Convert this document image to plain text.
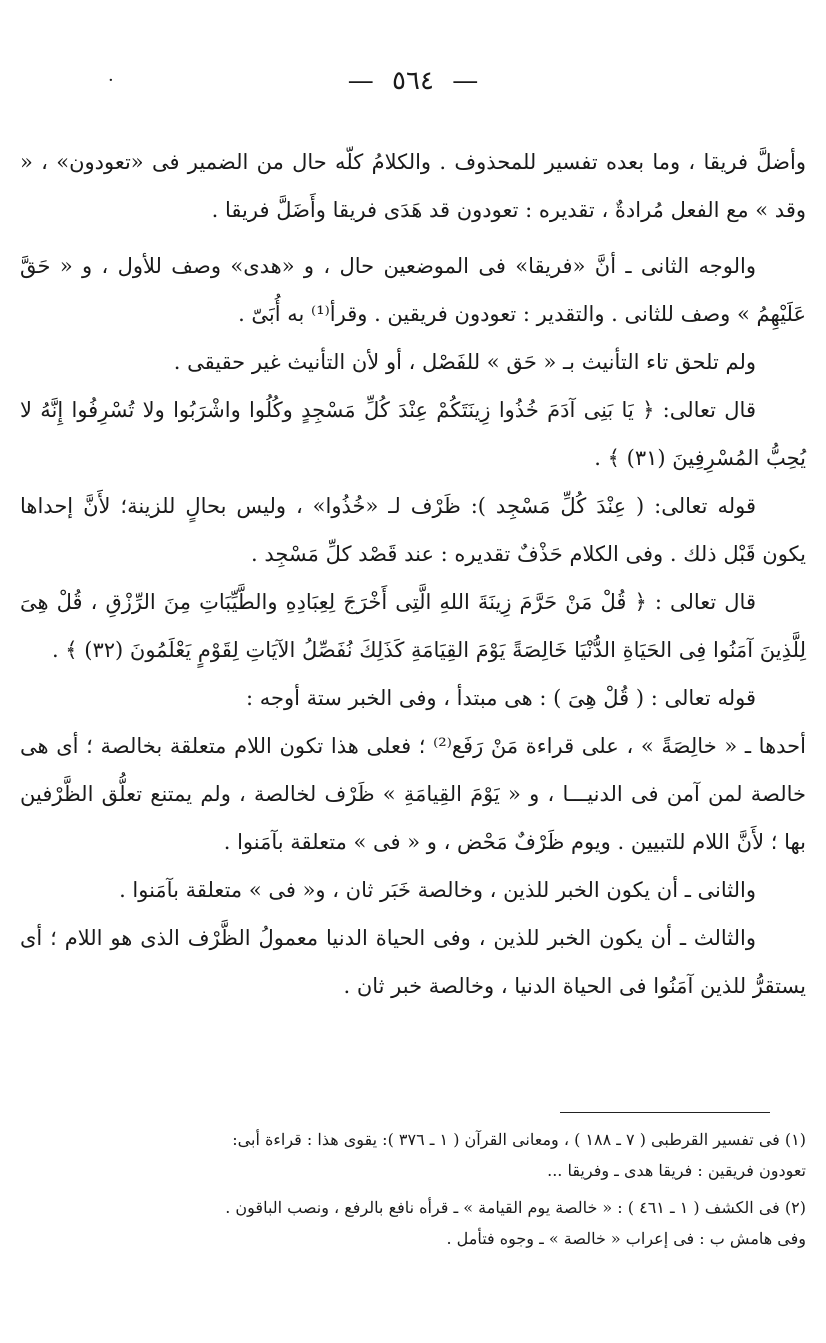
— ٥٦٤ —
·

وأضلَّ فريقا ، وما بعده تفسير للمحذوف . والكلامُ كلّه حال من الضمير فى «تعودون» ، « وقد » مع الفعل مُرادةٌ ، تقديره : تعودون قد هَدَى فريقا وأَضَلَّ فريقا .

والوجه الثانى ـ أنَّ «فريقا» فى الموضعين حال ، و «هدى» وصف للأول ، و « حَقَّ عَلَيْهِمُ » وصف للثانى . والتقدير : تعودون فريقين . وقرأ⁽¹⁾ به أُبَىّ .

ولم تلحق تاء التأنيث بـ « حَق » للفَصْل ، أو لأن التأنيث غير حقيقى .

قال تعالى: ﴿ يَا بَنِى آدَمَ خُذُوا زِينَتَكُمْ عِنْدَ كُلِّ مَسْجِدٍ وكُلُوا واشْرَبُوا ولا تُسْرِفُوا إِنَّهُ لا يُحِبُّ المُسْرِفِينَ (٣١) ﴾ .

قوله تعالى: ( عِنْدَ كُلِّ مَسْجِد ): ظَرْف لـ «خُذُوا» ، وليس بحالٍ للزينة؛ لأَنَّ إحداها يكون قَبْل ذلك . وفى الكلام حَذْفٌ تقديره : عند قَصْد كلِّ مَسْجِد .

قال تعالى : ﴿ قُلْ مَنْ حَرَّمَ زِينَةَ اللهِ الَّتِى أَخْرَجَ لِعِبَادِهِ والطَّيِّبَاتِ مِنَ الرِّزْقِ ، قُلْ هِىَ لِلَّذِينَ آمَنُوا فِى الحَيَاةِ الدُّنْيَا خَالِصَةً يَوْمَ القِيَامَةِ كَذَلِكَ نُفَصِّلُ الآيَاتِ لِقَوْمٍ يَعْلَمُونَ (٣٢) ﴾ .

قوله تعالى : ( قُلْ هِىَ ) : هى مبتدأ ، وفى الخبر ستة أوجه :

أحدها ـ « خالِصَةً » ، على قراءة مَنْ رَفَع⁽²⁾ ؛ فعلى هذا تكون اللام متعلقة بخالصة ؛ أى هى خالصة لمن آمن فى الدنيـــا ، و « يَوْمَ القِيامَةِ » ظَرْف لخالصة ، ولم يمتنع تعلُّق الظَّرْفين بها ؛ لأَنَّ اللام للتبيين . ويوم ظَرْفٌ مَحْض ، و « فى » متعلقة بآمَنوا .

والثانى ـ أن يكون الخبر للذين ، وخالصة خَبَر ثان ، و« فى » متعلقة بآمَنوا .

والثالث ـ أن يكون الخبر للذين ، وفى الحياة الدنيا معمولُ الظَّرْف الذى هو اللام ؛ أى يستقرُّ للذين آمَنُوا فى الحياة الدنيا ، وخالصة خبر ثان .

(١) فى تفسير القرطبى ( ٧ ـ ١٨٨ ) ، ومعانى القرآن ( ١ ـ ٣٧٦ ): يقوى هذا : قراءة أبى:
تعودون فريقين : فريقا هدى ـ وفريقا ...

(٢) فى الكشف ( ١ ـ ٤٦١ ) : « خالصة يوم القيامة » ـ قرأه نافع بالرفع ، ونصب الباقون .
وفى هامش ب : فى إعراب « خالصة » ـ وجوه فتأمل .
